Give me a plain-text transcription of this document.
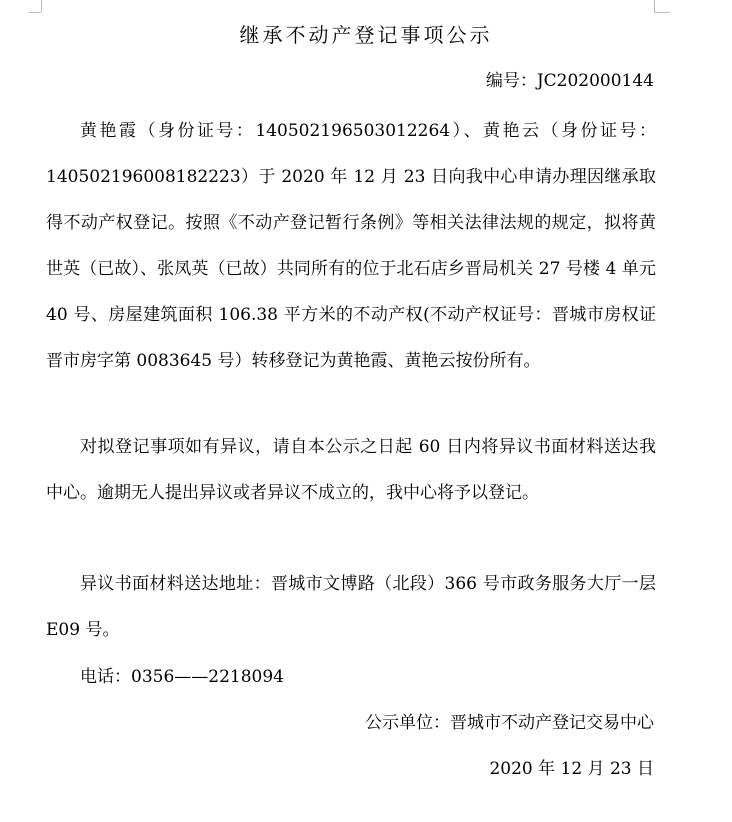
继承不动产登记事项公示
编号：JC202000144

黄艳霞（身份证号：140502196503012264）、黄艳云（身份证号：140502196008182223）于 2020 年 12 月 23 日向我中心申请办理因继承取得不动产权登记。按照《不动产登记暂行条例》等相关法律法规的规定，拟将黄世英（已故）、张凤英（已故）共同所有的位于北石店乡晋局机关 27 号楼 4 单元 40 号、房屋建筑面积 106.38 平方米的不动产权(不动产权证号：晋城市房权证晋市房字第 0083645 号）转移登记为黄艳霞、黄艳云按份所有。

对拟登记事项如有异议，请自本公示之日起 60 日内将异议书面材料送达我中心。逾期无人提出异议或者异议不成立的，我中心将予以登记。

异议书面材料送达地址：晋城市文博路（北段）366 号市政务服务大厅一层 E09 号。

电话：0356——2218094

公示单位：晋城市不动产登记交易中心
2020 年 12 月 23 日
